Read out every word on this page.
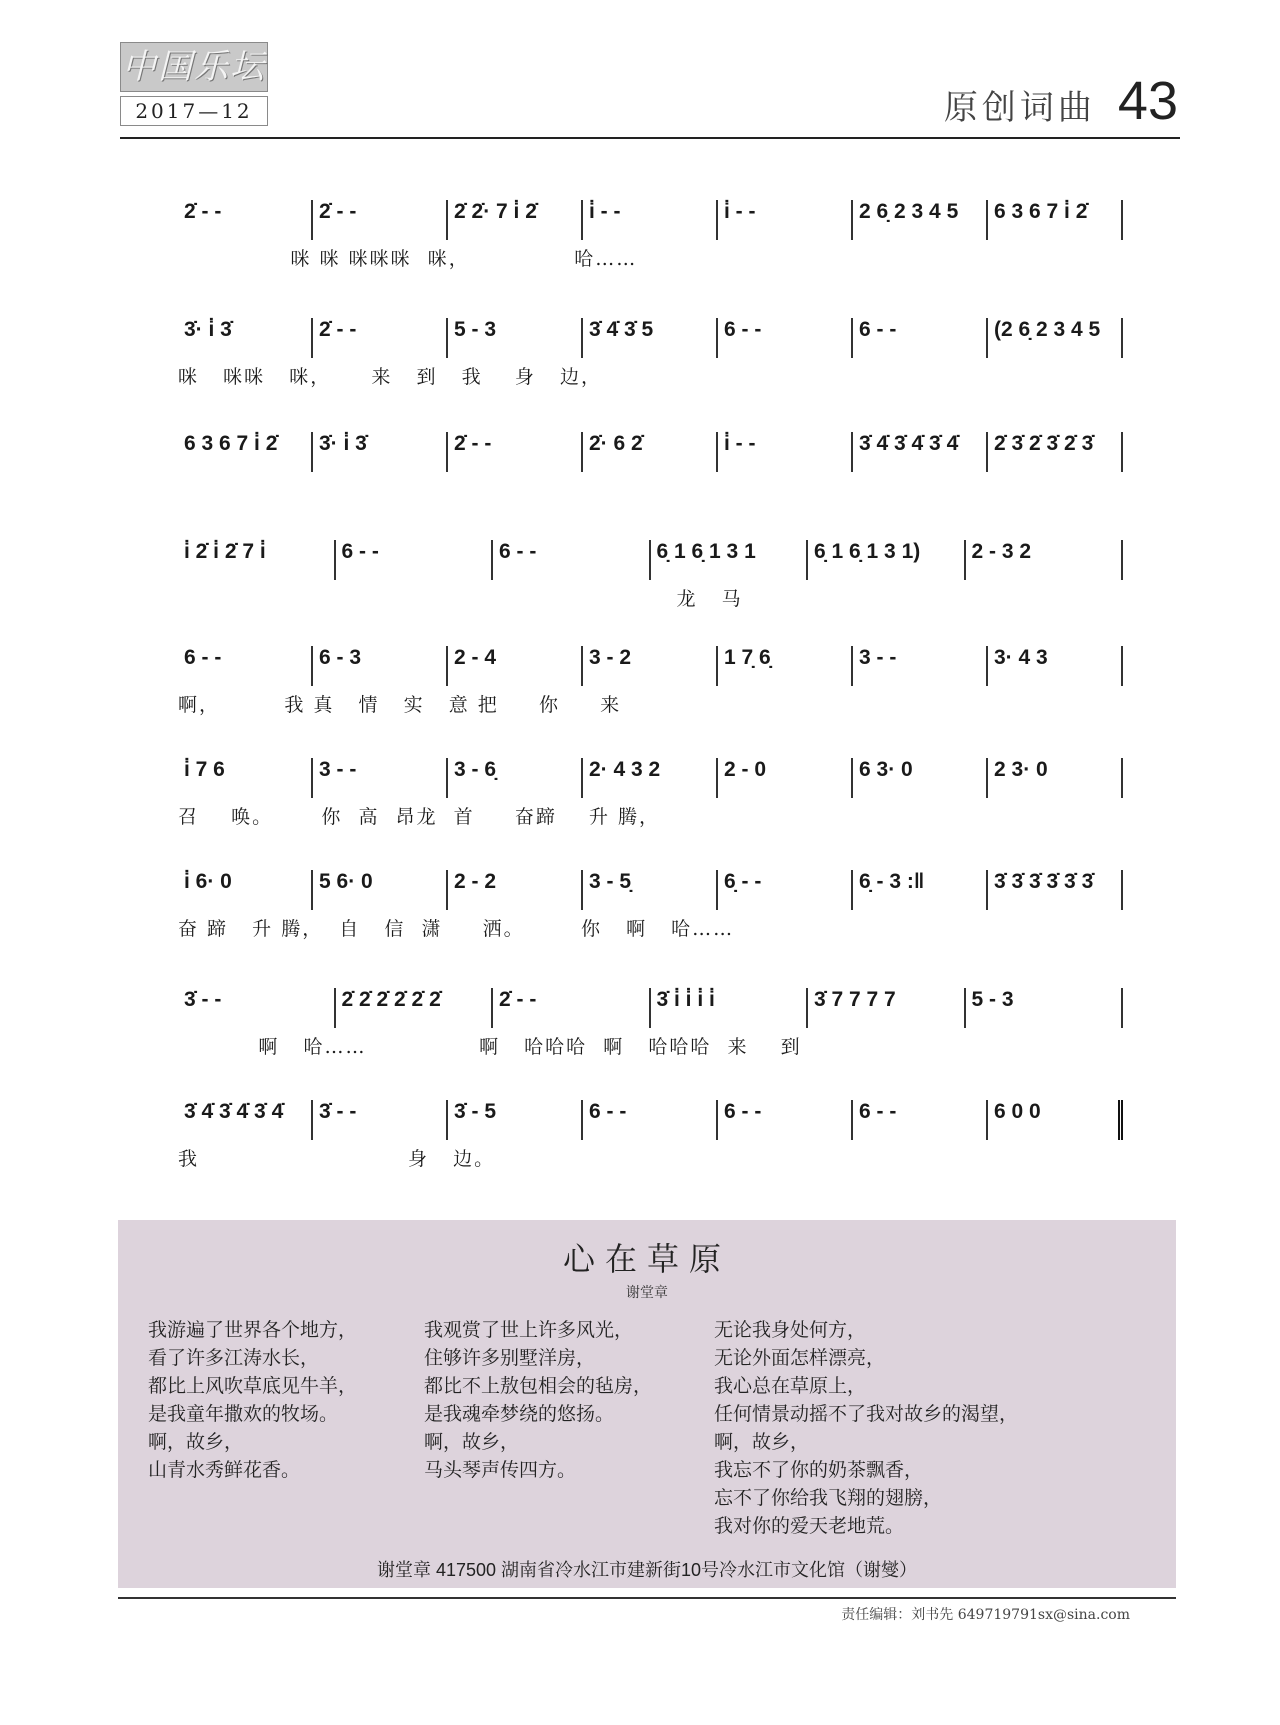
中国乐坛
2017—12	原创词曲 43
2̇ - -	2̇ - -	2̇ 2̇· 7 i̇ 2̇	i̇ - -	i̇ - -	2 6̣ 2 3 4 5	6 3 6 7 i̇ 2̇
咪 咪 咪咪咪  咪，             哈……
3̇· i̇ 3̇	2̇ - -	5 - 3	3̇ 4̇ 3̇ 5	6 - -	6 - -	(2 6̣ 2 3 4 5
咪   咪咪   咪，     来   到   我    身   边，
6 3 6 7 i̇ 2̇	3̇· i̇ 3̇	2̇ - -	2̇· 6 2̇	i̇ - -	3̇ 4̇ 3̇ 4̇ 3̇ 4̇	2̇ 3̇ 2̇ 3̇ 2̇ 3̇
i̇ 2̇ i̇ 2̇ 7 i̇	6 - -	6 - -	6̣ 1 6̣ 1 3 1	6̣ 1 6̣ 1 3 1)	2 - 3 2
龙   马
6 - -	6 - 3	2 - 4	3 - 2	1 7̣ 6̣	3 - -	3· 4 3
啊，        我 真   情   实   意 把     你     来
i̇ 7 6	3 - -	3 - 6̣	2· 4 3 2	2 - 0	6 3· 0	2 3· 0
召    唤。      你  高  昂龙  首     奋蹄    升 腾，
i̇ 6· 0	5 6· 0	2 - 2	3 - 5̣	6̣ - -	6̣ - 3 :‖	3̇ 3̇ 3̇ 3̇ 3̇ 3̇
奋 蹄   升 腾，  自   信  潇     洒。       你   啊   哈……
3̇ - -	2̇ 2̇ 2̇ 2̇ 2̇ 2̇	2̇ - -	3̇ i̇ i̇ i̇ i̇	3̇ 7 7 7 7	5 - 3
啊   哈……              啊   哈哈哈  啊   哈哈哈  来    到
3̇ 4̇ 3̇ 4̇ 3̇ 4̇	3̇ - -	3̇ - 5	6 - -	6 - -	6 - -	6 0 0
我                          身   边。
心在草原
谢堂章
我游遍了世界各个地方，
看了许多江涛水长，
都比上风吹草底见牛羊，
是我童年撒欢的牧场。
啊，故乡，
山青水秀鲜花香。
我观赏了世上许多风光，
住够许多别墅洋房，
都比不上敖包相会的毡房，
是我魂牵梦绕的悠扬。
啊，故乡，
马头琴声传四方。
无论我身处何方，
无论外面怎样漂亮，
我心总在草原上，
任何情景动摇不了我对故乡的渴望，
啊，故乡，
我忘不了你的奶茶飘香，
忘不了你给我飞翔的翅膀，
我对你的爱天老地荒。
谢堂章 417500 湖南省冷水江市建新街10号冷水江市文化馆（谢燮）
责任编辑：刘书先 649719791sx@sina.com
